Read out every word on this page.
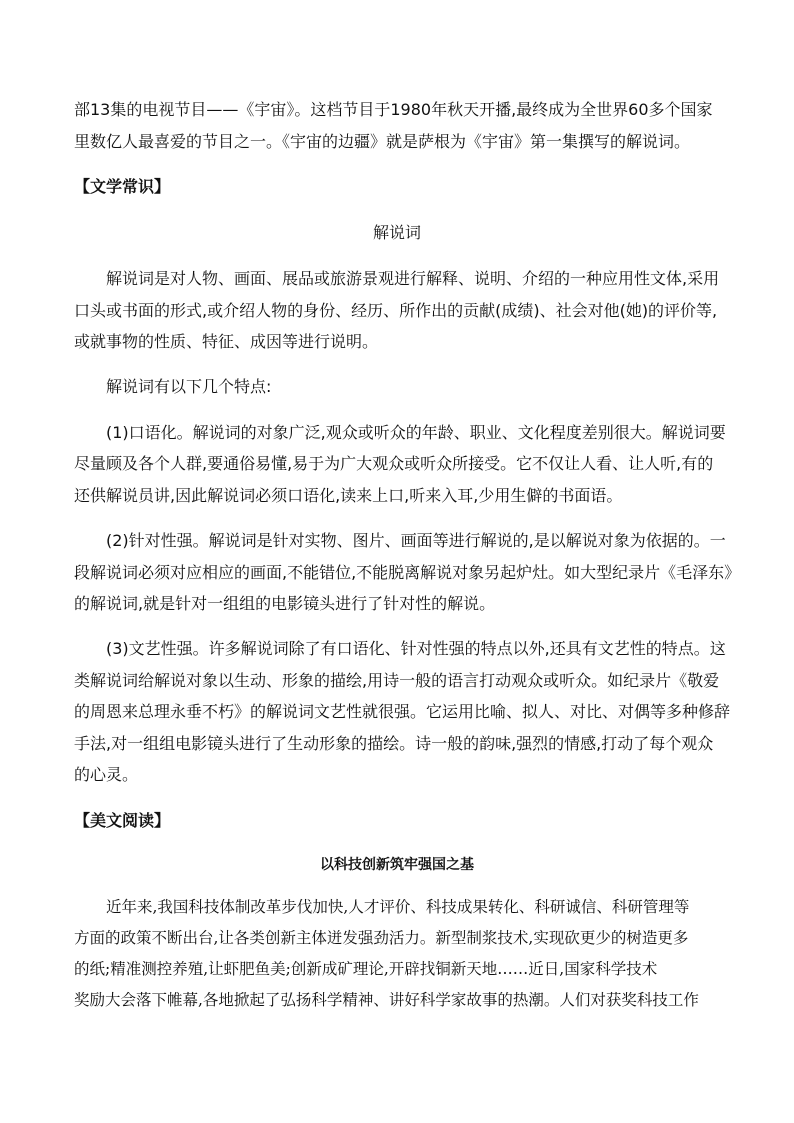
部13集的电视节目——《宇宙》。这档节目于1980年秋天开播,最终成为全世界60多个国家
里数亿人最喜爱的节目之一。《宇宙的边疆》就是萨根为《宇宙》第一集撰写的解说词。
【文学常识】
解说词
解说词是对人物、画面、展品或旅游景观进行解释、说明、介绍的一种应用性文体,采用
口头或书面的形式,或介绍人物的身份、经历、所作出的贡献(成绩)、社会对他(她)的评价等,
或就事物的性质、特征、成因等进行说明。
解说词有以下几个特点:
(1)口语化。解说词的对象广泛,观众或听众的年龄、职业、文化程度差别很大。解说词要
尽量顾及各个人群,要通俗易懂,易于为广大观众或听众所接受。它不仅让人看、让人听,有的
还供解说员讲,因此解说词必须口语化,读来上口,听来入耳,少用生僻的书面语。
(2)针对性强。解说词是针对实物、图片、画面等进行解说的,是以解说对象为依据的。一
段解说词必须对应相应的画面,不能错位,不能脱离解说对象另起炉灶。如大型纪录片《毛泽东》
的解说词,就是针对一组组的电影镜头进行了针对性的解说。
(3)文艺性强。许多解说词除了有口语化、针对性强的特点以外,还具有文艺性的特点。这
类解说词给解说对象以生动、形象的描绘,用诗一般的语言打动观众或听众。如纪录片《敬爱
的周恩来总理永垂不朽》的解说词文艺性就很强。它运用比喻、拟人、对比、对偶等多种修辞
手法,对一组组电影镜头进行了生动形象的描绘。诗一般的韵味,强烈的情感,打动了每个观众
的心灵。
【美文阅读】
以科技创新筑牢强国之基
近年来,我国科技体制改革步伐加快,人才评价、科技成果转化、科研诚信、科研管理等
方面的政策不断出台,让各类创新主体迸发强劲活力。新型制浆技术,实现砍更少的树造更多
的纸;精准测控养殖,让虾肥鱼美;创新成矿理论,开辟找铜新天地……近日,国家科学技术
奖励大会落下帷幕,各地掀起了弘扬科学精神、讲好科学家故事的热潮。人们对获奖科技工作
